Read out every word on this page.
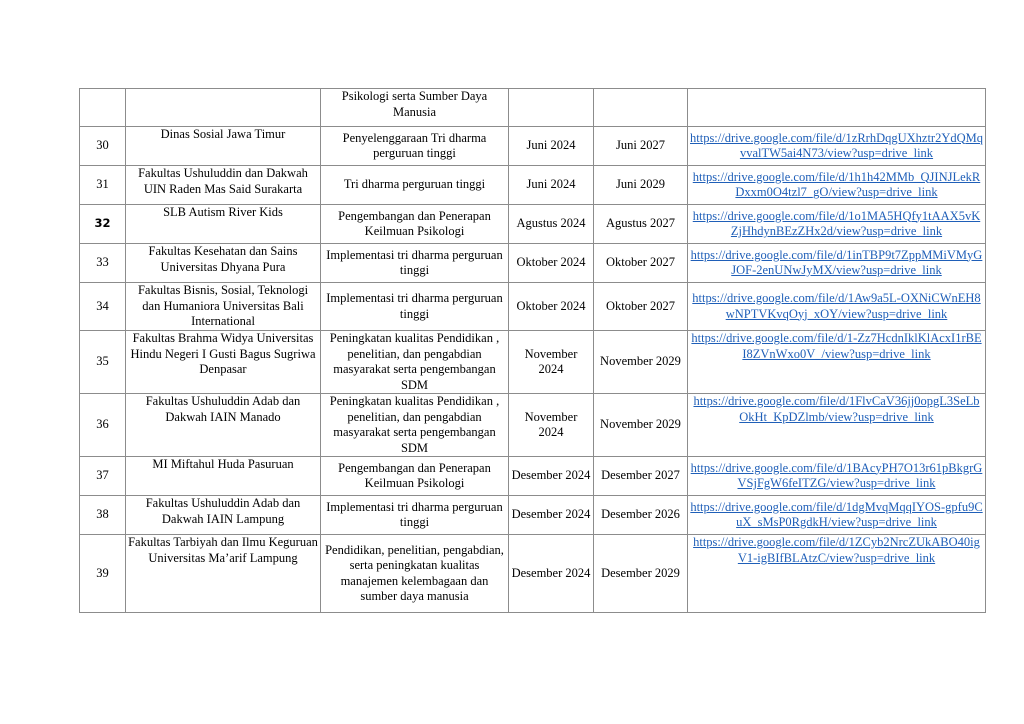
		Psikologi serta Sumber Daya Manusia			
30	Dinas Sosial Jawa Timur	Penyelenggaraan Tri dharma perguruan tinggi	Juni 2024	Juni 2027	https://drive.google.com/file/d/1zRrhDqgUXhztr2YdQMqvvalTW5ai4N73/view?usp=drive_link

31	Fakultas Ushuluddin dan Dakwah UIN Raden Mas Said Surakarta	Tri dharma perguruan tinggi	Juni 2024	Juni 2029	https://drive.google.com/file/d/1h1h42MMb_QJINJLekRDxxm0O4tzl7_gO/view?usp=drive_link

32	SLB Autism River Kids	Pengembangan dan Penerapan Keilmuan Psikologi	Agustus 2024	Agustus 2027	https://drive.google.com/file/d/1o1MA5HQfy1tAAX5vKZjHhdynBEzZHx2d/view?usp=drive_link

33	Fakultas Kesehatan dan Sains Universitas Dhyana Pura	Implementasi tri dharma perguruan tinggi	Oktober 2024	Oktober 2027	https://drive.google.com/file/d/1inTBP9t7ZppMMiVMyGJOF-2enUNwJyMX/view?usp=drive_link

34	Fakultas Bisnis, Sosial, Teknologi dan Humaniora Universitas Bali International	Implementasi tri dharma perguruan tinggi	Oktober 2024	Oktober 2027	https://drive.google.com/file/d/1Aw9a5L-OXNiCWnEH8wNPTVKvqOyj_xOY/view?usp=drive_link

35	Fakultas Brahma Widya Universitas Hindu Negeri I Gusti Bagus Sugriwa Denpasar	Peningkatan kualitas Pendidikan , penelitian, dan pengabdian masyarakat serta pengembangan SDM	November 2024	November 2029	https://drive.google.com/file/d/1-Zz7HcdnIklKlAcxI1rBEI8ZVnWxo0V_/view?usp=drive_link

36	Fakultas Ushuluddin Adab dan Dakwah IAIN Manado	Peningkatan kualitas Pendidikan , penelitian, dan pengabdian masyarakat serta pengembangan SDM	November 2024	November 2029	https://drive.google.com/file/d/1FlvCaV36jj0opgL3SeLbOkHt_KpDZlmb/view?usp=drive_link

37	MI Miftahul Huda Pasuruan	Pengembangan dan Penerapan Keilmuan Psikologi	Desember 2024	Desember 2027	https://drive.google.com/file/d/1BAcyPH7O13r61pBkgrGVSjFgW6feITZG/view?usp=drive_link

38	Fakultas Ushuluddin Adab dan Dakwah IAIN Lampung	Implementasi tri dharma perguruan tinggi	Desember 2024	Desember 2026	https://drive.google.com/file/d/1dgMvqMqqIYOS-gpfu9CuX_sMsP0RgdkH/view?usp=drive_link

39	Fakultas Tarbiyah dan Ilmu Keguruan Universitas Ma’arif Lampung	Pendidikan, penelitian, pengabdian, serta peningkatan kualitas manajemen kelembagaan dan sumber daya manusia	Desember 2024	Desember 2029	https://drive.google.com/file/d/1ZCyb2NrcZUkABO40igV1-igBIfBLAtzC/view?usp=drive_link
